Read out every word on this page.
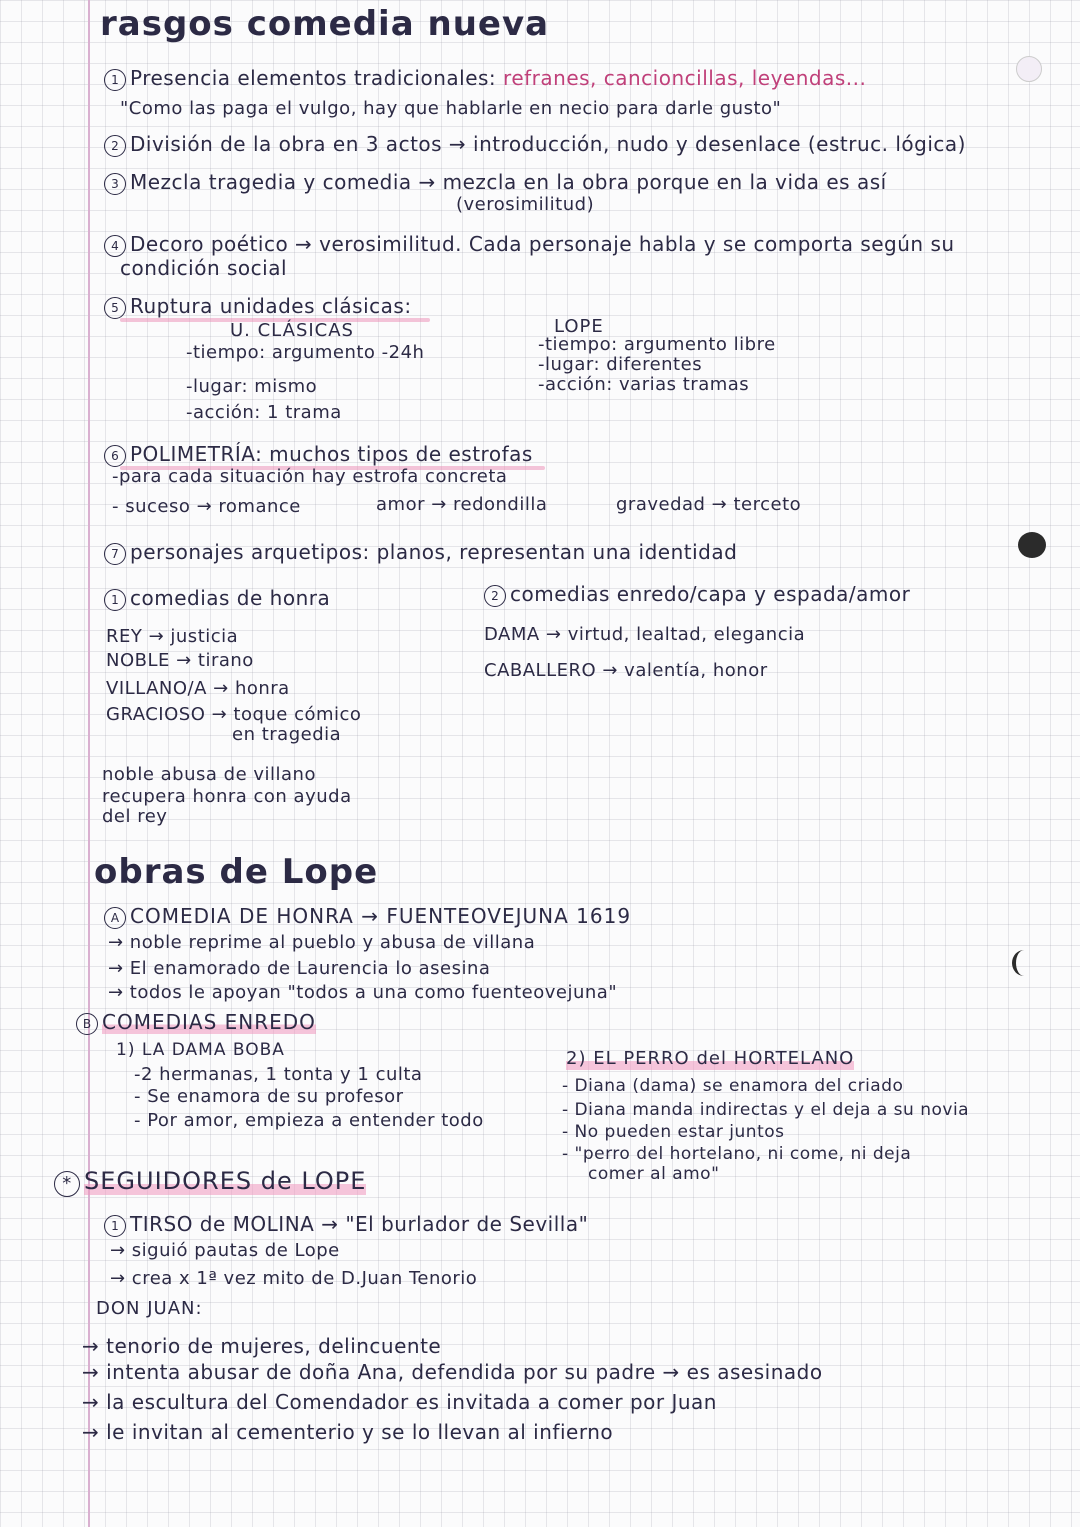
rasgos comedia nueva
1 Presencia elementos tradicionales: refranes, cancioncillas, leyendas...
"Como las paga el vulgo, hay que hablarle en necio para darle gusto"
2 División de la obra en 3 actos → introducción, nudo y desenlace (estruc. lógica)
3 Mezcla tragedia y comedia → mezcla en la obra porque en la vida es así
(verosimilitud)
4 Decoro poético → verosimilitud. Cada personaje habla y se comporta según su
condición social
5 Ruptura unidades clásicas:
U. CLÁSICAS
-tiempo: argumento -24h
-lugar: mismo
-acción: 1 trama
LOPE
-tiempo: argumento libre
-lugar: diferentes
-acción: varias tramas
6 POLIMETRÍA: muchos tipos de estrofas
-para cada situación hay estrofa concreta
- suceso → romance	amor → redondilla	gravedad → terceto
7 personajes arquetipos: planos, representan una identidad
1 comedias de honra
REY → justicia
NOBLE → tirano
VILLANO/A → honra
GRACIOSO → toque cómico
en tragedia
noble abusa de villano
recupera honra con ayuda
del rey
2 comedias enredo/capa y espada/amor
DAMA → virtud, lealtad, elegancia
CABALLERO → valentía, honor
obras de Lope
A COMEDIA DE HONRA → FUENTEOVEJUNA 1619
→ noble reprime al pueblo y abusa de villana
→ El enamorado de Laurencia lo asesina
→ todos le apoyan "todos a una como fuenteovejuna"
B COMEDIAS ENREDO
1) LA DAMA BOBA
-2 hermanas, 1 tonta y 1 culta
- Se enamora de su profesor
- Por amor, empieza a entender todo
2) EL PERRO del HORTELANO
- Diana (dama) se enamora del criado
- Diana manda indirectas y el deja a su novia
- No pueden estar juntos
- "perro del hortelano, ni come, ni deja
comer al amo"
* SEGUIDORES de LOPE
1 TIRSO de MOLINA → "El burlador de Sevilla"
→ siguió pautas de Lope
→ crea x 1ª vez mito de D.Juan Tenorio
DON JUAN:
→ tenorio de mujeres, delincuente
→ intenta abusar de doña Ana, defendida por su padre → es asesinado
→ la escultura del Comendador es invitada a comer por Juan
→ le invitan al cementerio y se lo llevan al infierno
